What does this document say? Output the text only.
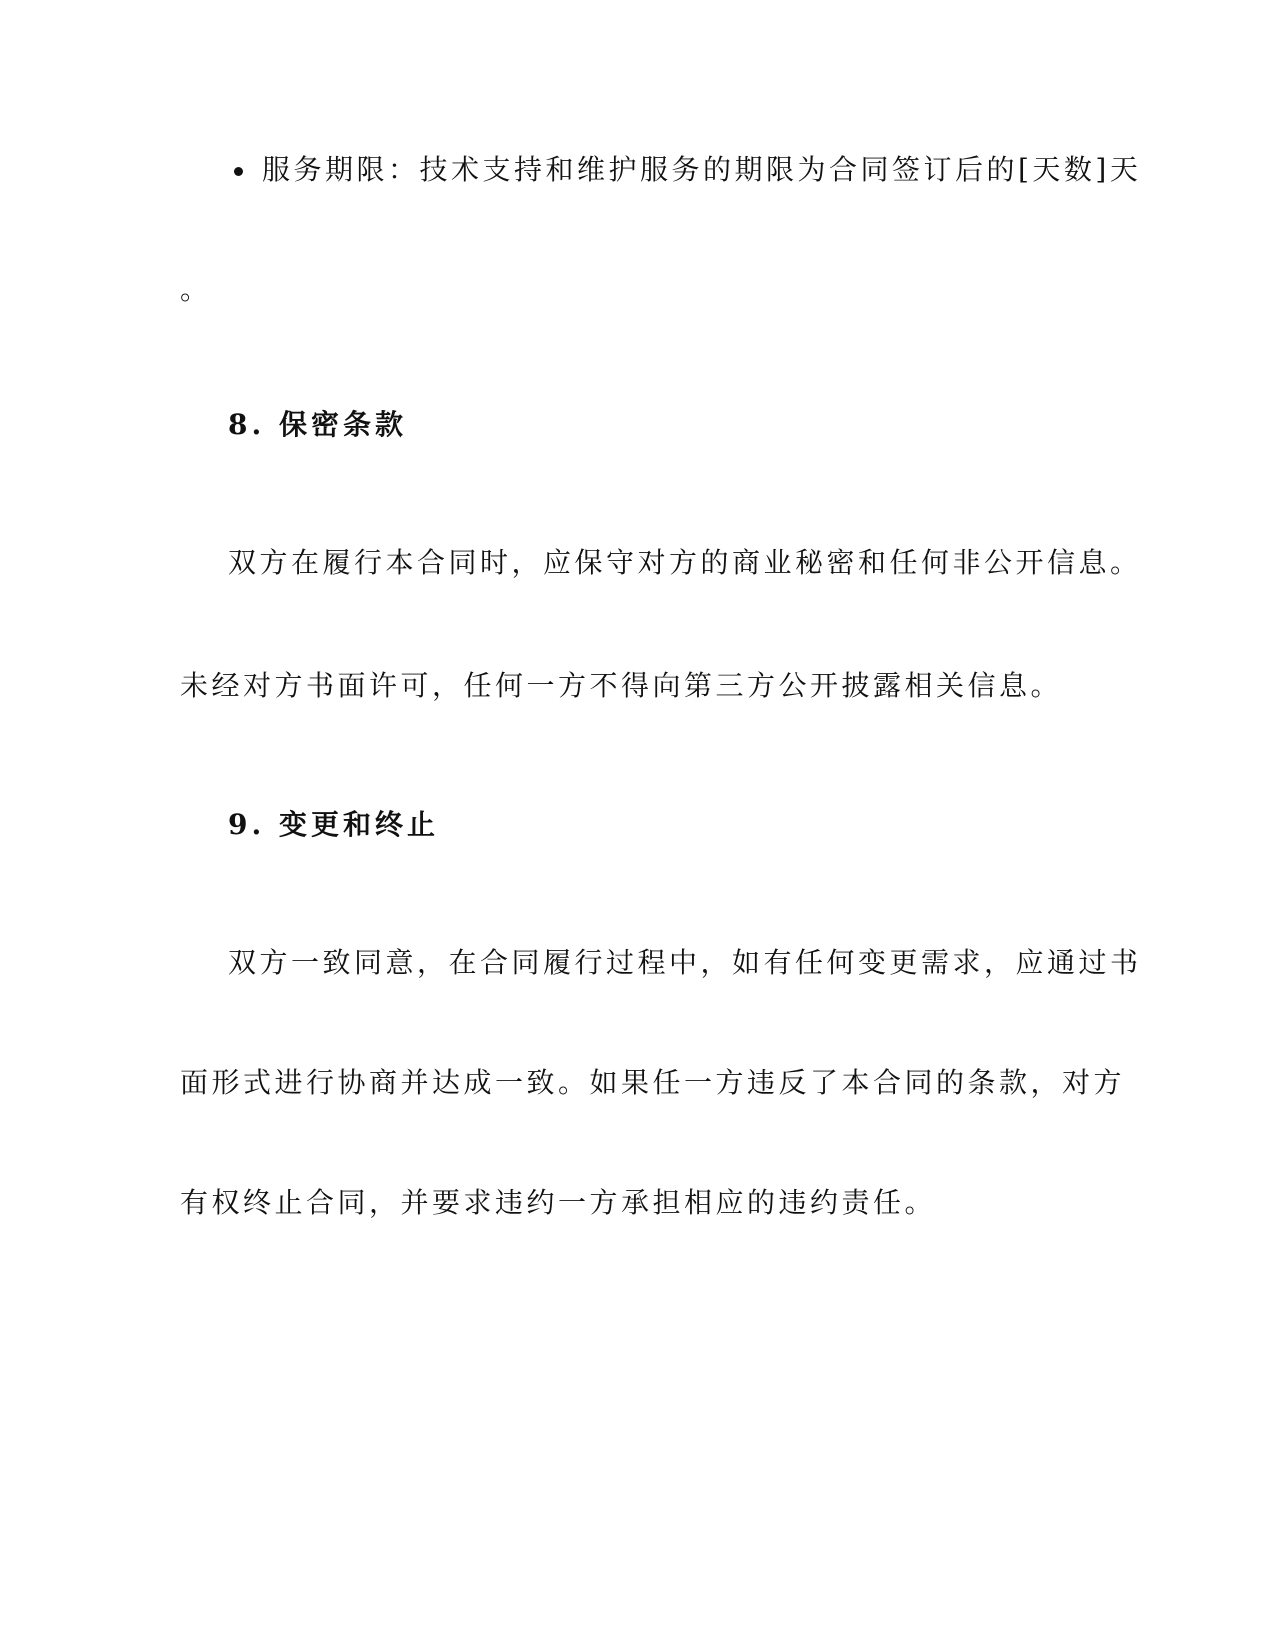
服务期限：技术支持和维护服务的期限为合同签订后的[天数]天
。
8. 保密条款
双方在履行本合同时，应保守对方的商业秘密和任何非公开信息。
未经对方书面许可，任何一方不得向第三方公开披露相关信息。
9. 变更和终止
双方一致同意，在合同履行过程中，如有任何变更需求，应通过书
面形式进行协商并达成一致。如果任一方违反了本合同的条款，对方
有权终止合同，并要求违约一方承担相应的违约责任。
